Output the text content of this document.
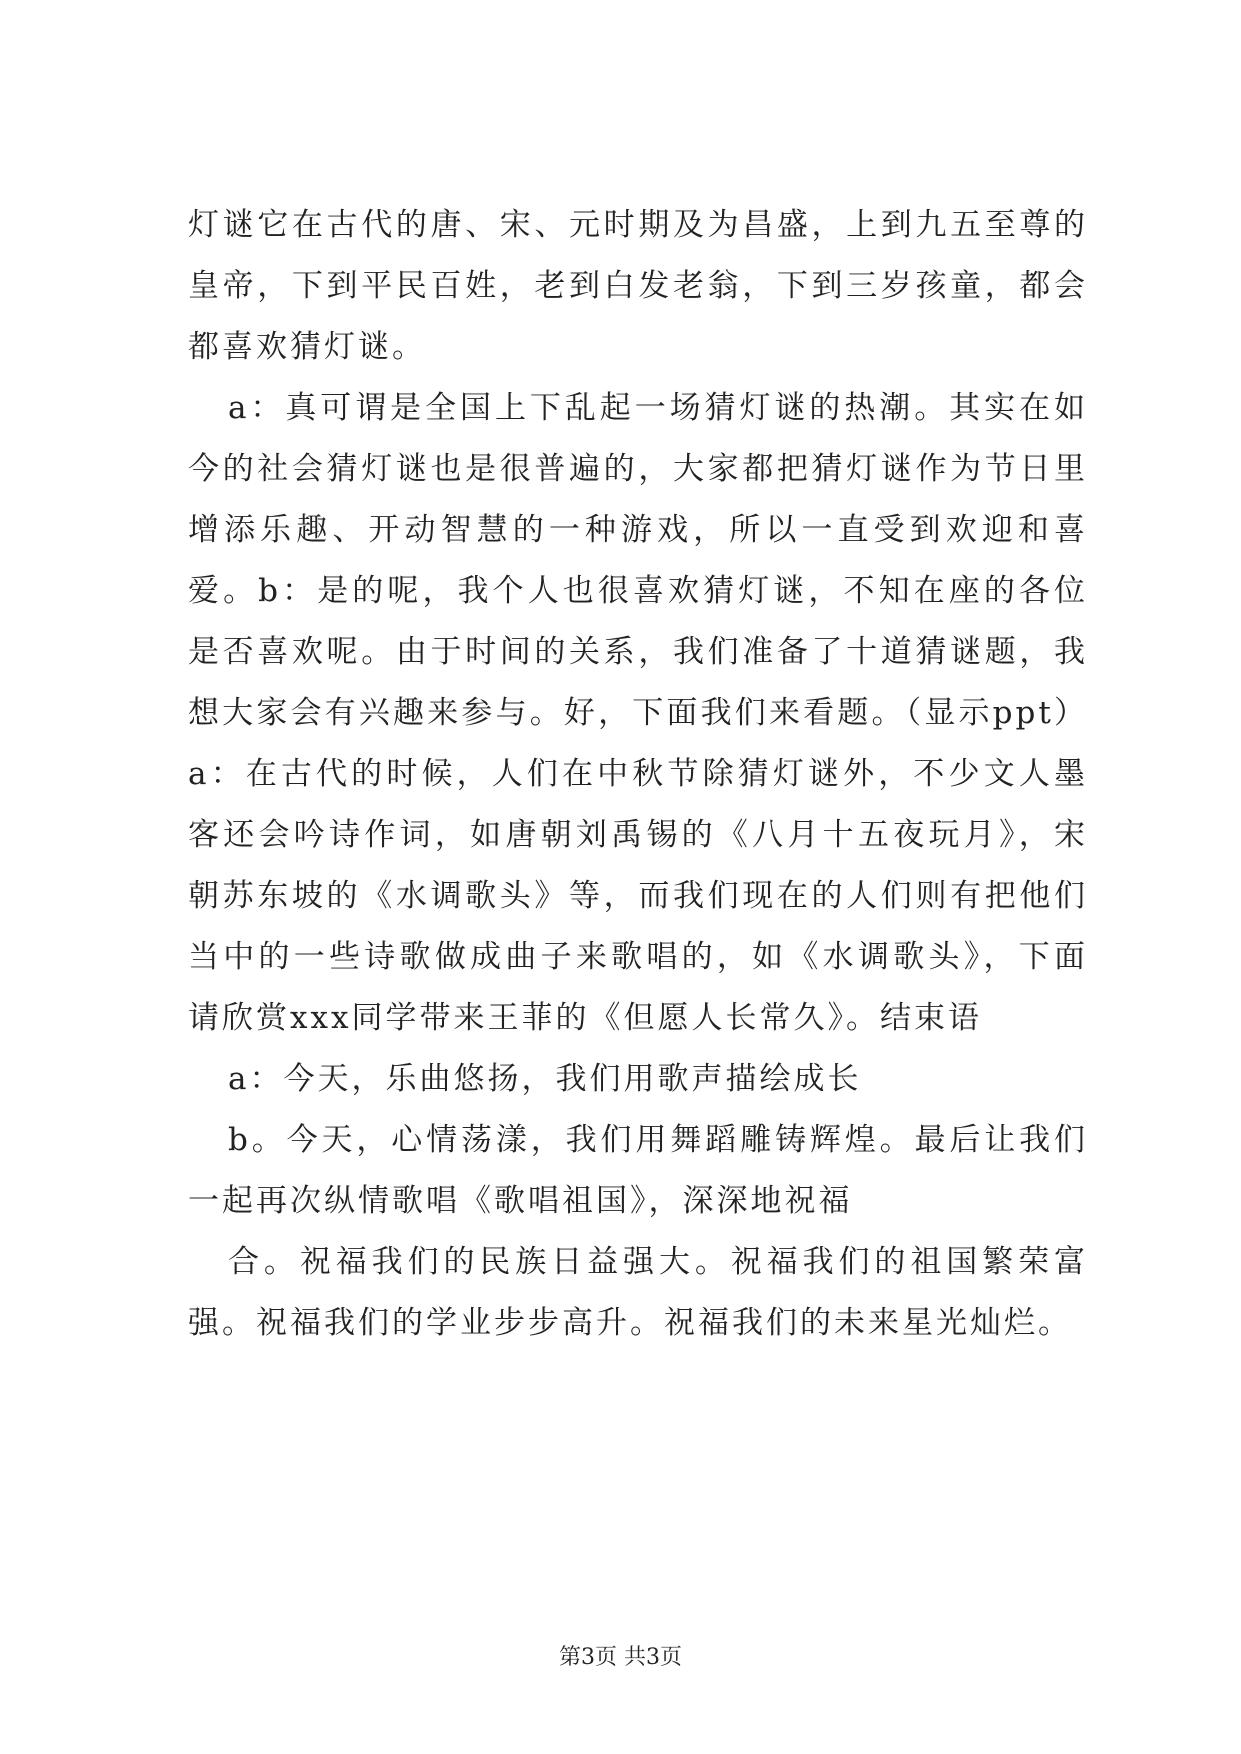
灯谜它在古代的唐、宋、元时期及为昌盛，上到九五至尊的皇帝，下到平民百姓，老到白发老翁，下到三岁孩童，都会都喜欢猜灯谜。

a：真可谓是全国上下乱起一场猜灯谜的热潮。其实在如今的社会猜灯谜也是很普遍的，大家都把猜灯谜作为节日里增添乐趣、开动智慧的一种游戏，所以一直受到欢迎和喜爱。b：是的呢，我个人也很喜欢猜灯谜，不知在座的各位是否喜欢呢。由于时间的关系，我们准备了十道猜谜题，我想大家会有兴趣来参与。好，下面我们来看题。（显示ppt）a：在古代的时候，人们在中秋节除猜灯谜外，不少文人墨客还会吟诗作词，如唐朝刘禹锡的《八月十五夜玩月》，宋朝苏东坡的《水调歌头》等，而我们现在的人们则有把他们当中的一些诗歌做成曲子来歌唱的，如《水调歌头》，下面请欣赏xxx同学带来王菲的《但愿人长常久》。结束语

a：今天，乐曲悠扬，我们用歌声描绘成长

b。今天，心情荡漾，我们用舞蹈雕铸辉煌。最后让我们一起再次纵情歌唱《歌唱祖国》，深深地祝福

合。祝福我们的民族日益强大。祝福我们的祖国繁荣富强。祝福我们的学业步步高升。祝福我们的未来星光灿烂。

第3页 共3页
